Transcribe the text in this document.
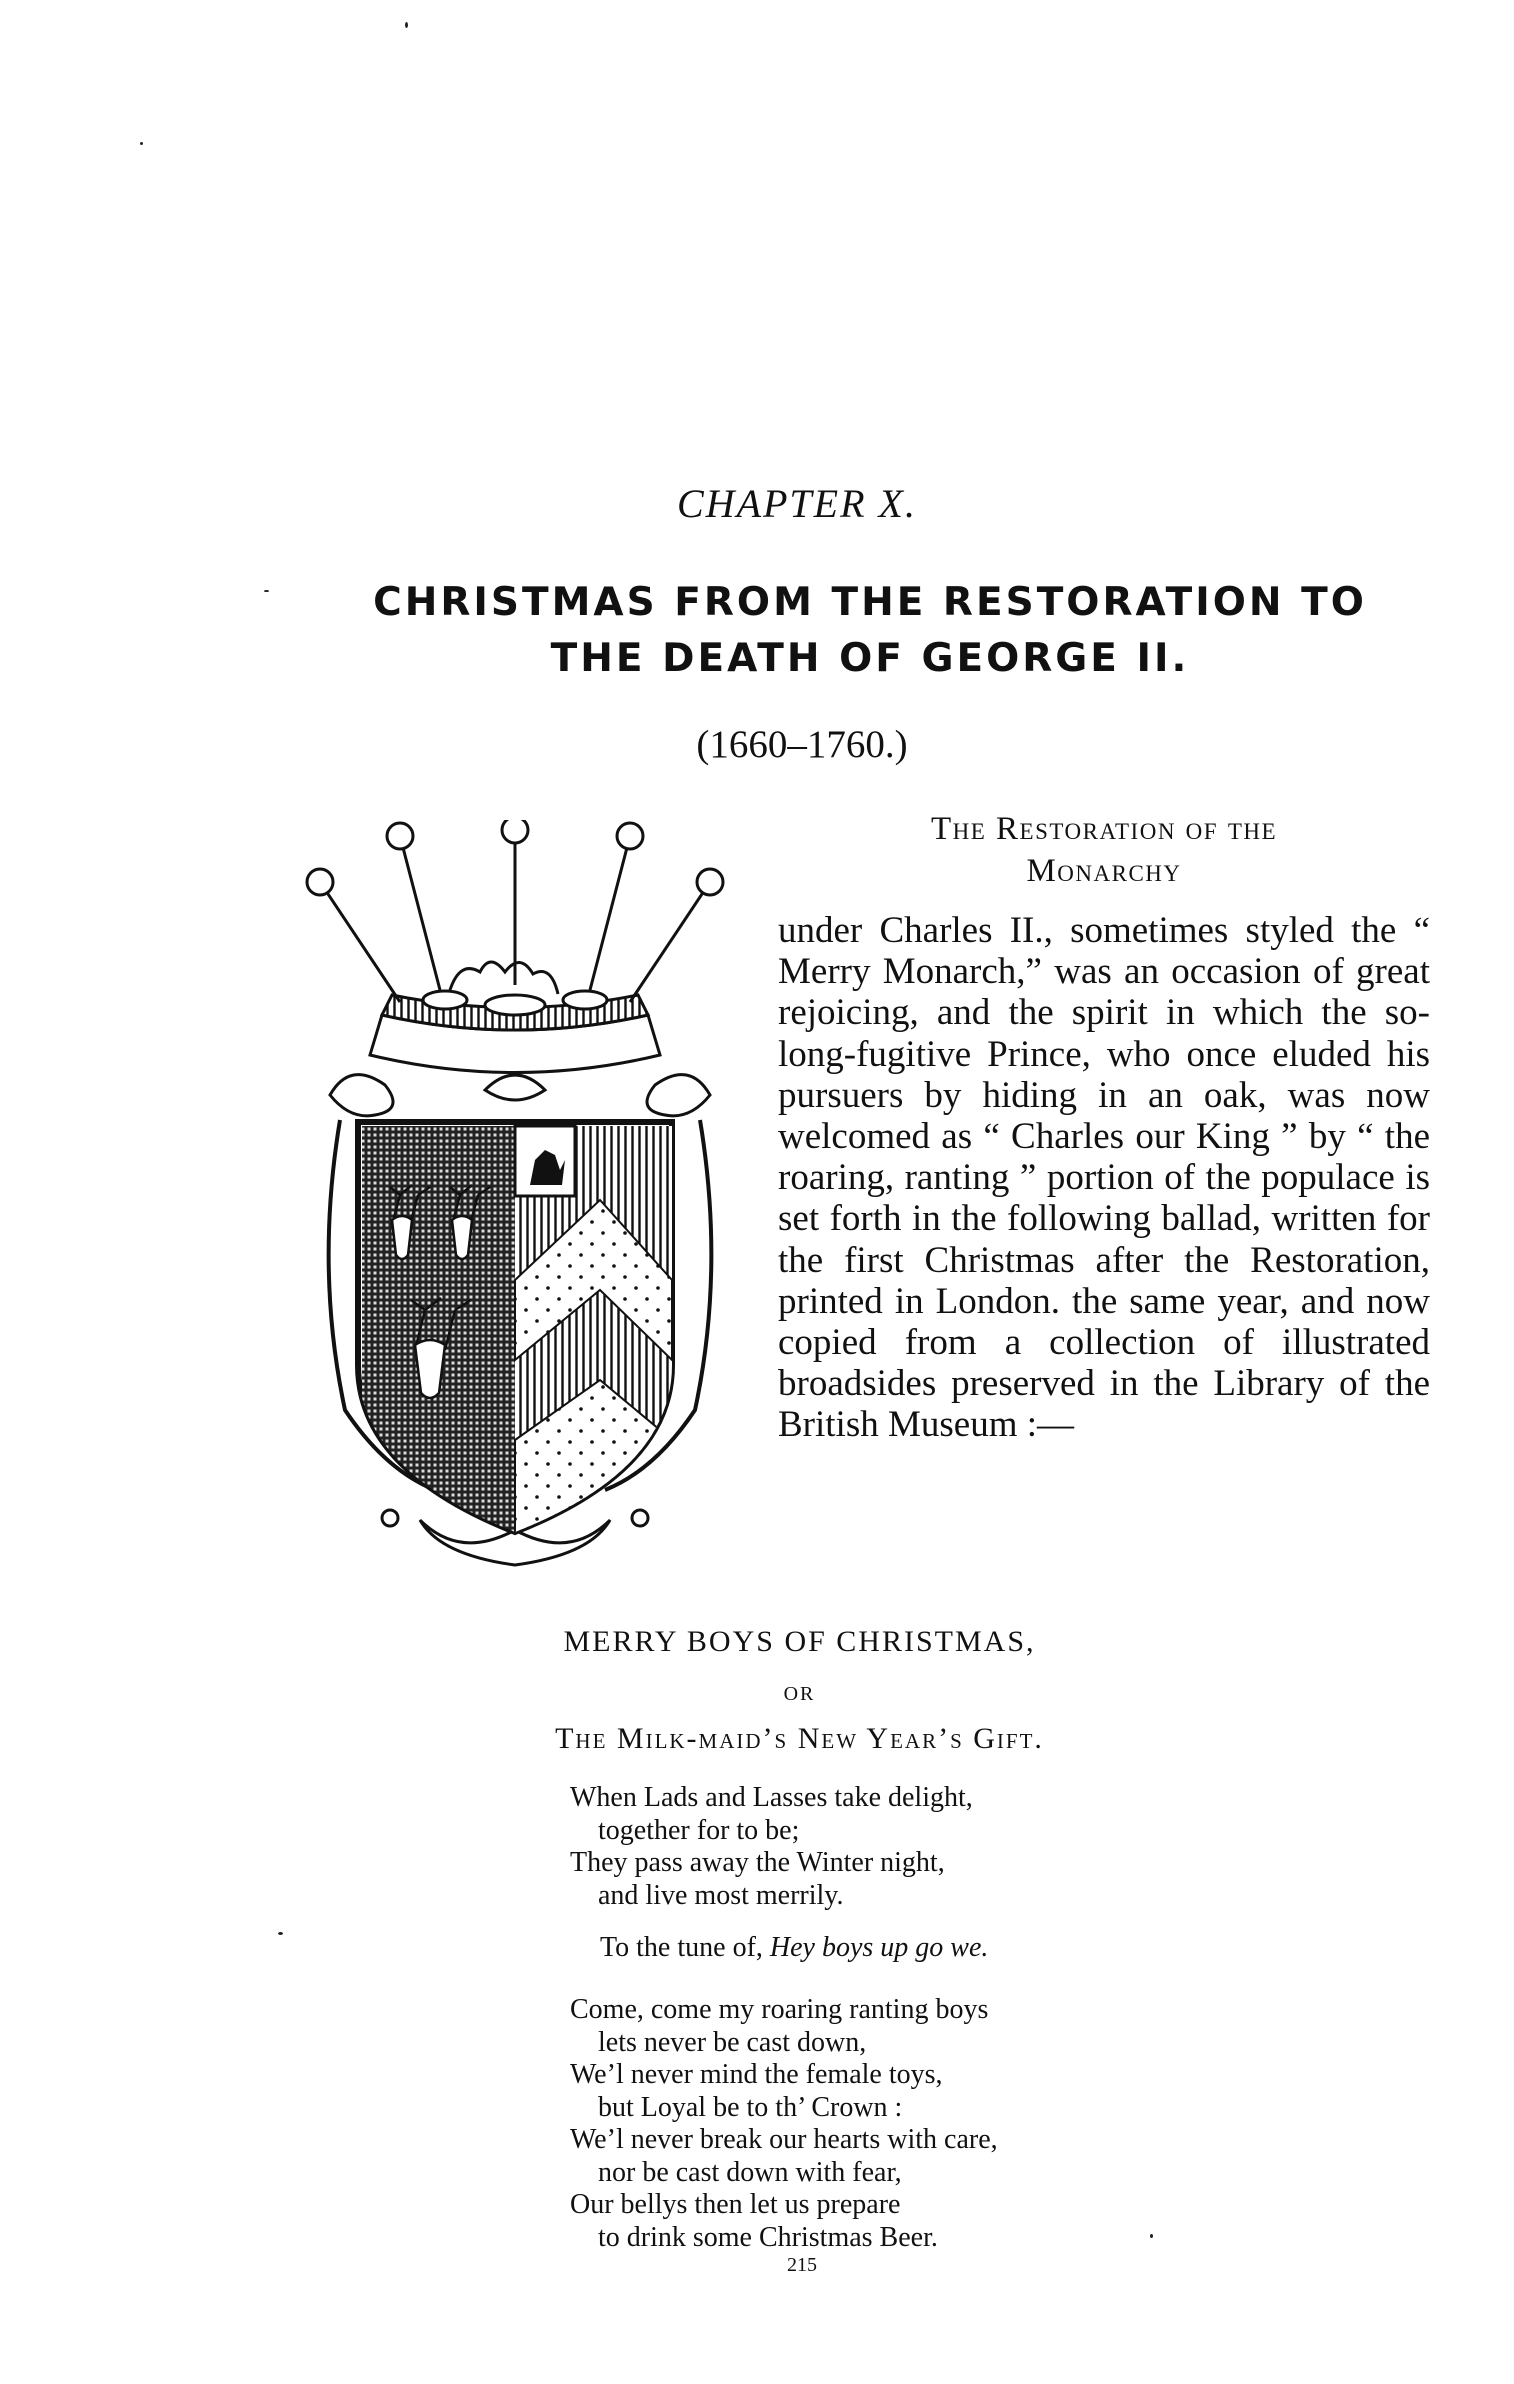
CHAPTER X.
CHRISTMAS FROM THE RESTORATION TO
THE DEATH OF GEORGE II.
(1660–1760.)
The Restoration of the
Monarchy
under Charles II., sometimes styled the “ Merry Monarch,” was an occasion of great rejoicing, and the spirit in which the so-long-fugitive Prince, who once eluded his pursuers by hiding in an oak, was now welcomed as “ Charles our King ” by “ the roaring, ranting ” portion of the populace is set forth in the following ballad, written for the first Christmas after the Restoration, printed in London. the same year, and now copied from a collection of illustrated broadsides preserved in the Library of the British Museum :—
MERRY BOYS OF CHRISTMAS,
OR
The Milk-maid’s New Year’s Gift.
When Lads and Lasses take delight,
together for to be;
They pass away the Winter night,
and live most merrily.
To the tune of, Hey boys up go we.
Come, come my roaring ranting boys
lets never be cast down,
We’l never mind the female toys,
but Loyal be to th’ Crown :
We’l never break our hearts with care,
nor be cast down with fear,
Our bellys then let us prepare
to drink some Christmas Beer.
215
